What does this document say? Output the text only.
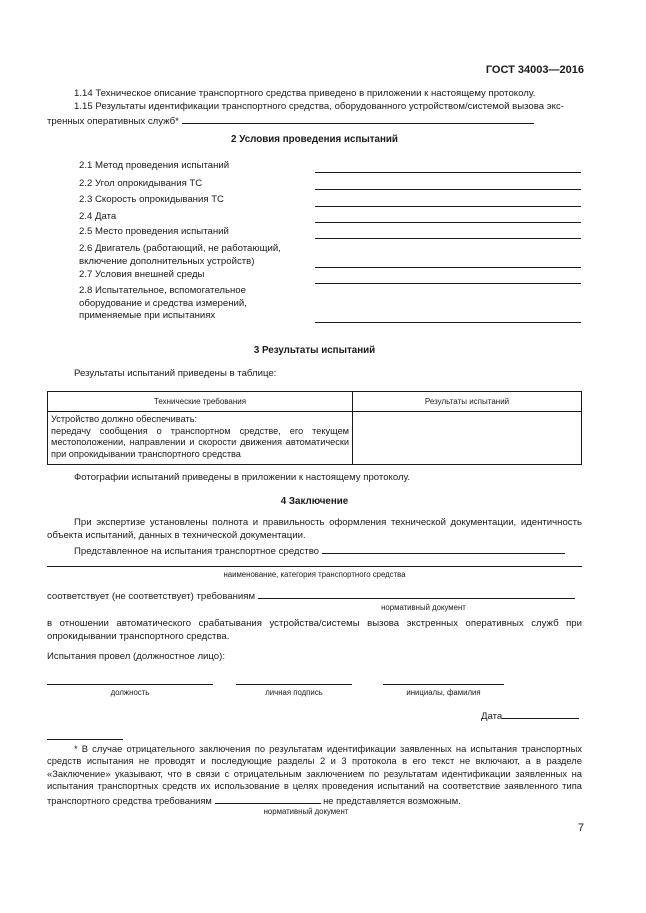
ГОСТ 34003—2016

1.14 Техническое описание транспортного средства приведено в приложении к настоящему протоколу.

1.15 Результаты идентификации транспортного средства, оборудованного устройством/системой вызова экс-

тренных оперативных служб*

2 Условия проведения испытаний
2.1 Метод проведения испытаний
2.2 Угол опрокидывания ТС
2.3 Скорость опрокидывания ТС
2.4 Дата
2.5 Место проведения испытаний
2.6 Двигатель (работающий, не работающий, включение дополнительных устройств)
2.7 Условия внешней среды
2.8 Испытательное, вспомогательное оборудование и средства измерений, применяемые при испытаниях
3 Результаты испытаний

Результаты испытаний приведены в таблице:

Технические требования	Результаты испытаний

Устройство должно обеспечивать:
передачу сообщения о транспортном средстве, его текущем местоположении, направлении и скорости движения автоматически при опрокидывании транспортного средства	

Фотографии испытаний приведены в приложении к настоящему протоколу.

4 Заключение

При экспертизе установлены полнота и правильность оформления технической документации, идентичность объекта испытаний, данных в технической документации.

Представленное на испытания транспортное средство

наименование, категория транспортного средства

соответствует (не соответствует) требованиям

нормативный документ

в отношении автоматического срабатывания устройства/системы вызова экстренных оперативных служб при опрокидывании транспортного средства.

Испытания провел (должностное лицо):

должность	личная подпись	инициалы, фамилия
Дата

* В случае отрицательного заключения по результатам идентификации заявленных на испытания транспортных средств испытания не проводят и последующие разделы 2 и 3 протокола в его текст не включают, а в разделе «Заключение» указывают, что в связи с отрицательным заключением по результатам идентификации заявленных на испытания транспортных средств их использование в целях проведения испытаний на соответствие заявленного типа транспортного средства требованиям	не представляется возможным.

нормативный документ
7
